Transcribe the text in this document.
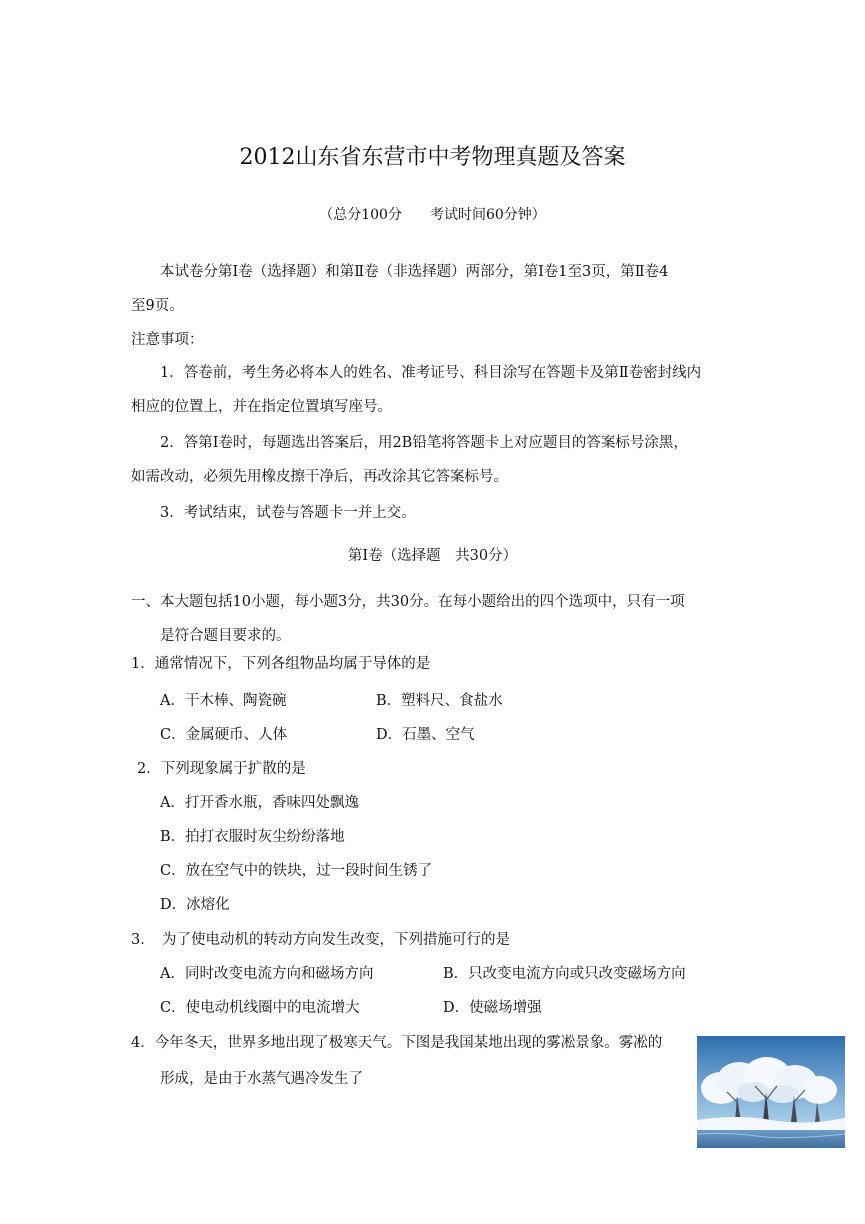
2012山东省东营市中考物理真题及答案
（总分100分　　考试时间60分钟）
本试卷分第Ⅰ卷（选择题）和第Ⅱ卷（非选择题）两部分，第Ⅰ卷1至3页，第Ⅱ卷4
至9页。
注意事项：
1．答卷前，考生务必将本人的姓名、准考证号、科目涂写在答题卡及第Ⅱ卷密封线内
相应的位置上，并在指定位置填写座号。
2．答第Ⅰ卷时，每题选出答案后，用2B铅笔将答题卡上对应题目的答案标号涂黑，
如需改动，必须先用橡皮擦干净后，再改涂其它答案标号。
3．考试结束，试卷与答题卡一并上交。
第Ⅰ卷（选择题　共30分）
一、本大题包括10小题，每小题3分，共30分。在每小题给出的四个选项中，只有一项
是符合题目要求的。
1．通常情况下，下列各组物品均属于导体的是
A．干木棒、陶瓷碗	B．塑料尺、食盐水
C．金属硬币、人体	D．石墨、空气
2．下列现象属于扩散的是
A．打开香水瓶，香味四处飘逸
B．拍打衣服时灰尘纷纷落地
C．放在空气中的铁块，过一段时间生锈了
D．冰熔化
3．　为了使电动机的转动方向发生改变，下列措施可行的是
A．同时改变电流方向和磁场方向	B．只改变电流方向或只改变磁场方向
C．使电动机线圈中的电流增大	D．使磁场增强
4．今年冬天，世界多地出现了极寒天气。下图是我国某地出现的雾凇景象。雾凇的
形成，是由于水蒸气遇冷发生了
